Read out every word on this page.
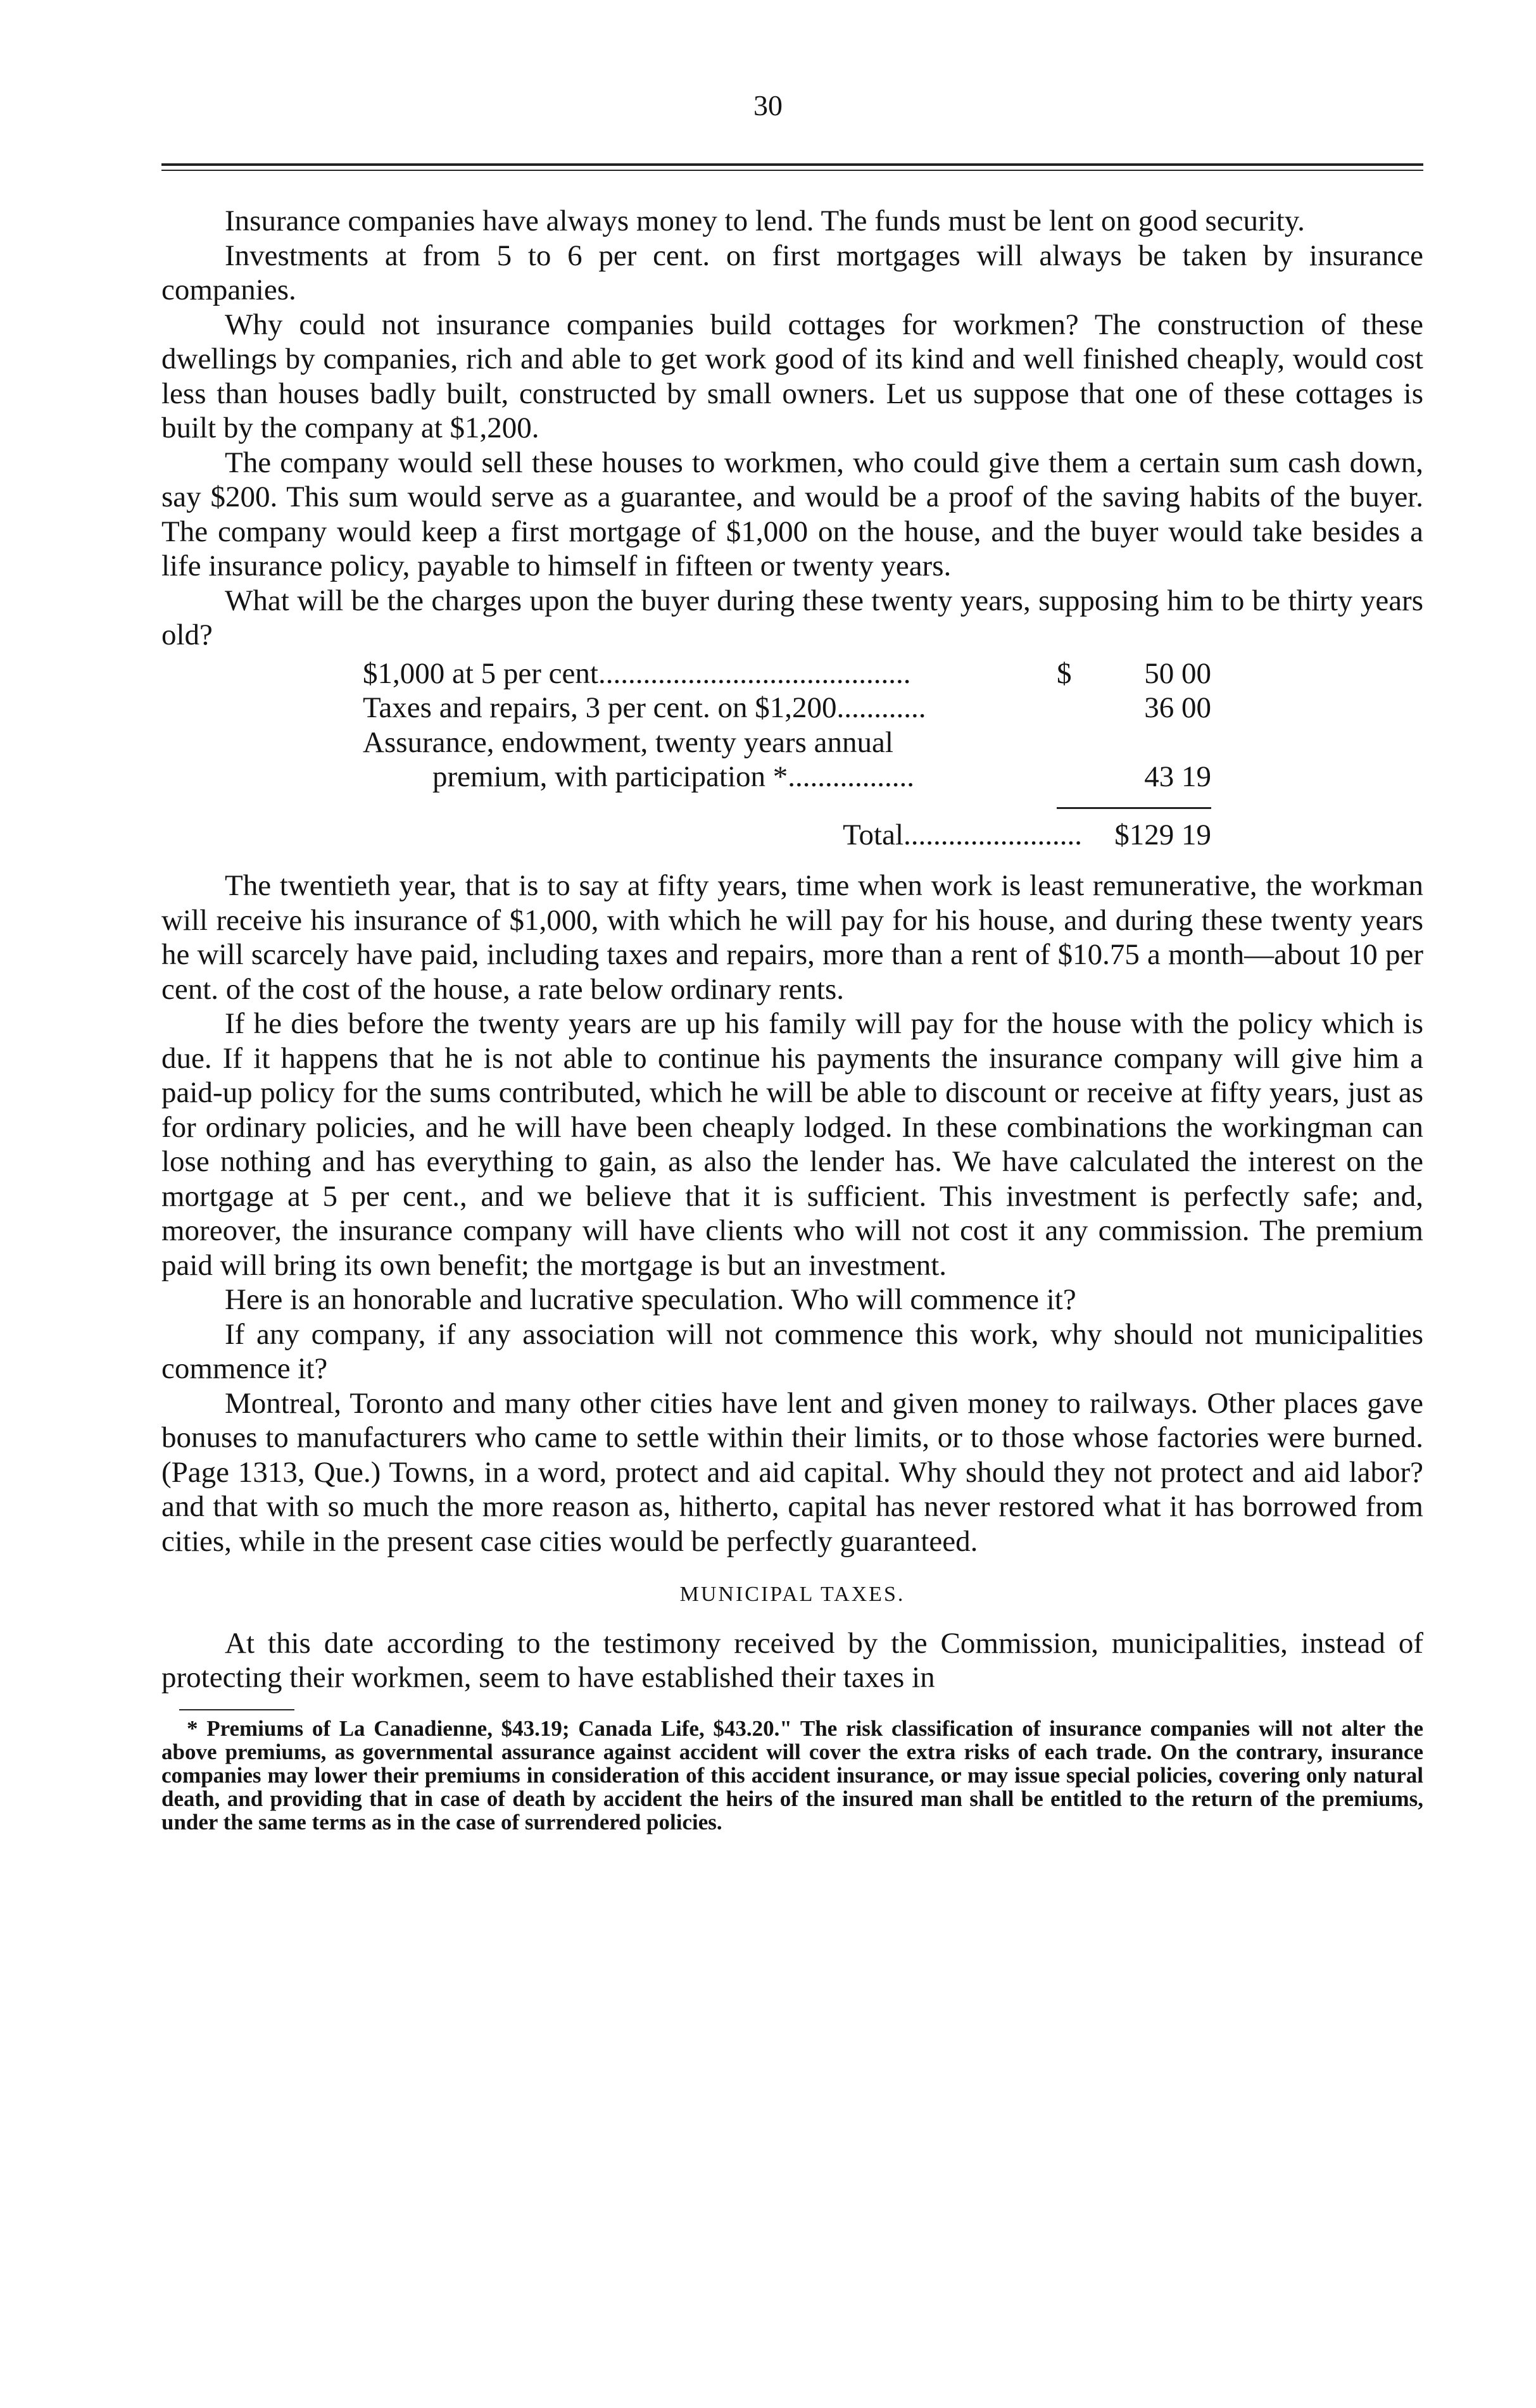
30

Insurance companies have always money to lend. The funds must be lent on good security.

Investments at from 5 to 6 per cent. on first mortgages will always be taken by insurance companies.

Why could not insurance companies build cottages for workmen? The construction of these dwellings by companies, rich and able to get work good of its kind and well finished cheaply, would cost less than houses badly built, constructed by small owners. Let us suppose that one of these cottages is built by the company at $1,200.

The company would sell these houses to workmen, who could give them a certain sum cash down, say $200. This sum would serve as a guarantee, and would be a proof of the saving habits of the buyer. The company would keep a first mortgage of $1,000 on the house, and the buyer would take besides a life insurance policy, payable to himself in fifteen or twenty years.

What will be the charges upon the buyer during these twenty years, supposing him to be thirty years old?

$1,000 at 5 per cent..........................................	$	50 00
Taxes and repairs, 3 per cent. on $1,200............	36 00
Assurance, endowment, twenty years annual
premium, with participation *.................	43 19
Total........................	$129 19

The twentieth year, that is to say at fifty years, time when work is least remunerative, the workman will receive his insurance of $1,000, with which he will pay for his house, and during these twenty years he will scarcely have paid, including taxes and repairs, more than a rent of $10.75 a month—about 10 per cent. of the cost of the house, a rate below ordinary rents.

If he dies before the twenty years are up his family will pay for the house with the policy which is due. If it happens that he is not able to continue his payments the insurance company will give him a paid-up policy for the sums contributed, which he will be able to discount or receive at fifty years, just as for ordinary policies, and he will have been cheaply lodged. In these combinations the workingman can lose nothing and has everything to gain, as also the lender has. We have calculated the interest on the mortgage at 5 per cent., and we believe that it is sufficient. This investment is perfectly safe; and, moreover, the insurance company will have clients who will not cost it any commission. The premium paid will bring its own benefit; the mortgage is but an investment.

Here is an honorable and lucrative speculation. Who will commence it?

If any company, if any association will not commence this work, why should not municipalities commence it?

Montreal, Toronto and many other cities have lent and given money to railways. Other places gave bonuses to manufacturers who came to settle within their limits, or to those whose factories were burned. (Page 1313, Que.) Towns, in a word, protect and aid capital. Why should they not protect and aid labor? and that with so much the more reason as, hitherto, capital has never restored what it has borrowed from cities, while in the present case cities would be perfectly guaranteed.

MUNICIPAL TAXES.

At this date according to the testimony received by the Commission, municipalities, instead of protecting their workmen, seem to have established their taxes in

* Premiums of La Canadienne, $43.19; Canada Life, $43.20." The risk classification of insurance companies will not alter the above premiums, as governmental assurance against accident will cover the extra risks of each trade. On the contrary, insurance companies may lower their premiums in consideration of this accident insurance, or may issue special policies, covering only natural death, and providing that in case of death by accident the heirs of the insured man shall be entitled to the return of the premiums, under the same terms as in the case of surrendered policies.
